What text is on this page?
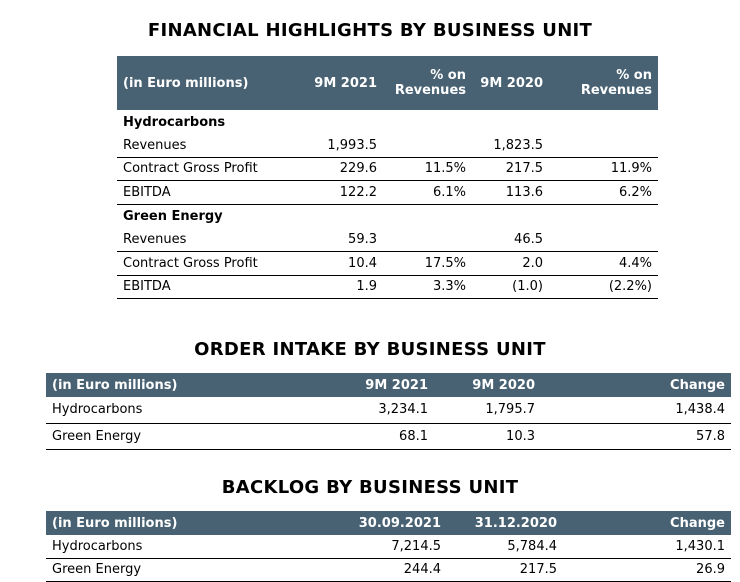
FINANCIAL HIGHLIGHTS BY BUSINESS UNIT
(in Euro millions)	9M 2021	% on Revenues	9M 2020	% on Revenues
Hydrocarbons				
Revenues	1,993.5		1,823.5	
Contract Gross Profit	229.6	11.5%	217.5	11.9%
EBITDA	122.2	6.1%	113.6	6.2%
Green Energy				
Revenues	59.3		46.5	
Contract Gross Profit	10.4	17.5%	2.0	4.4%
EBITDA	1.9	3.3%	(1.0)	(2.2%)
ORDER INTAKE BY BUSINESS UNIT
(in Euro millions)	9M 2021	9M 2020	Change
Hydrocarbons	3,234.1	1,795.7	1,438.4
Green Energy	68.1	10.3	57.8
BACKLOG BY BUSINESS UNIT
(in Euro millions)	30.09.2021	31.12.2020	Change
Hydrocarbons	7,214.5	5,784.4	1,430.1
Green Energy	244.4	217.5	26.9
